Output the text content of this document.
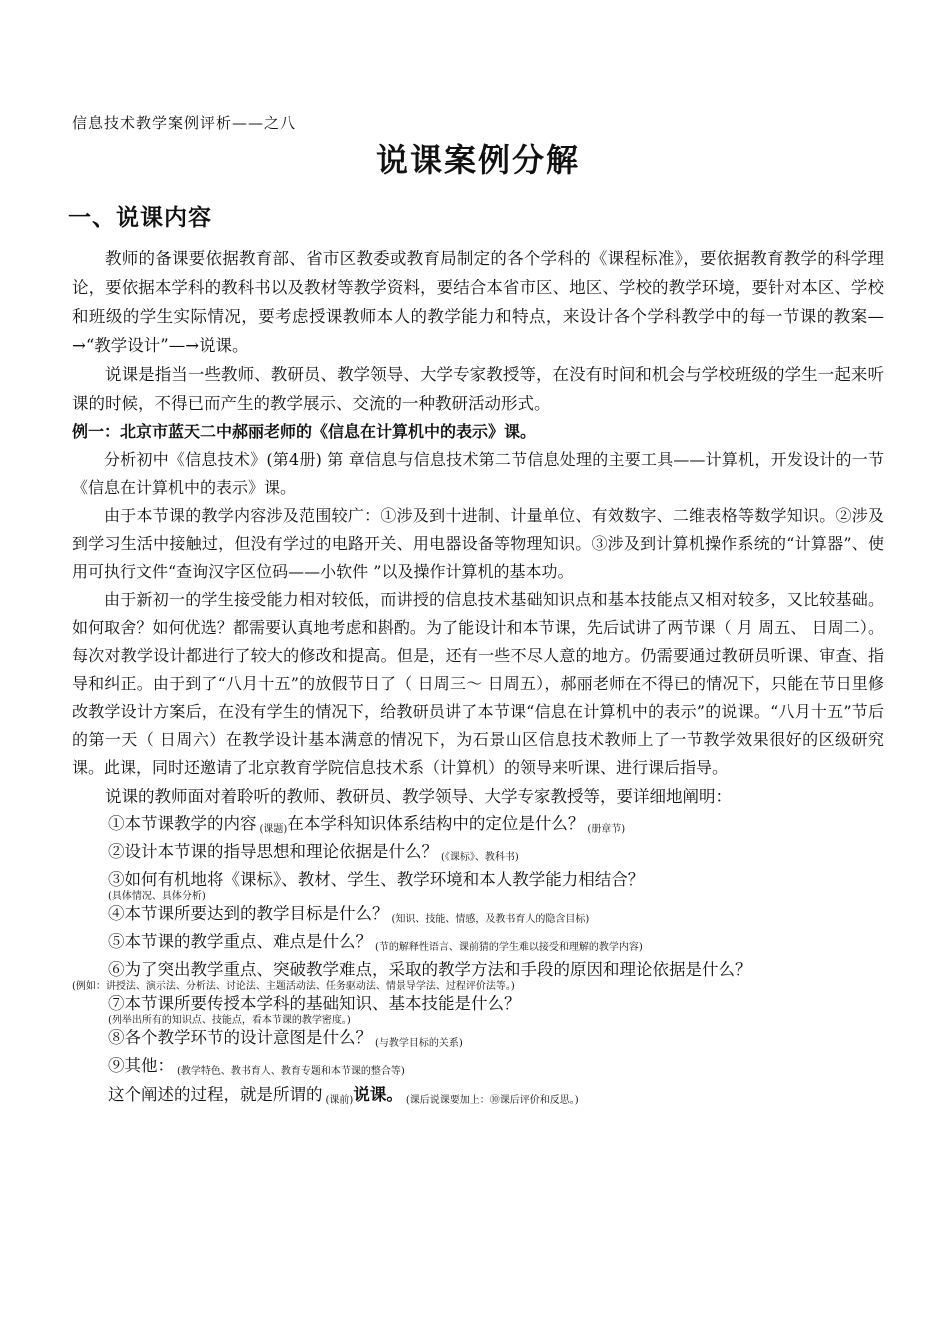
信息技术教学案例评析——之八
说课案例分解
一、说课内容

教师的备课要依据教育部、省市区教委或教育局制定的各个学科的《课程标准》，要依据教育教学的科学理论，要依据本学科的教科书以及教材等教学资料，要结合本省市区、地区、学校的教学环境，要针对本区、学校和班级的学生实际情况，要考虑授课教师本人的教学能力和特点，来设计各个学科教学中的每一节课的教案—→“教学设计”—→说课。

说课是指当一些教师、教研员、教学领导、大学专家教授等，在没有时间和机会与学校班级的学生一起来听课的时候，不得已而产生的教学展示、交流的一种教研活动形式。

例一：北京市蓝天二中郝丽老师的《信息在计算机中的表示》课。

分析初中《信息技术》(第4册) 第 章信息与信息技术第二节信息处理的主要工具——计算机，开发设计的一节《信息在计算机中的表示》课。

由于本节课的教学内容涉及范围较广：①涉及到十进制、计量单位、有效数字、二维表格等数学知识。②涉及到学习生活中接触过，但没有学过的电路开关、用电器设备等物理知识。③涉及到计算机操作系统的“计算器”、使用可执行文件“查询汉字区位码——小软件 ”以及操作计算机的基本功。

由于新初一的学生接受能力相对较低，而讲授的信息技术基础知识点和基本技能点又相对较多，又比较基础。如何取舍？如何优选？都需要认真地考虑和斟酌。为了能设计和本节课，先后试讲了两节课（ 月 周五、 日周二）。每次对教学设计都进行了较大的修改和提高。但是，还有一些不尽人意的地方。仍需要通过教研员听课、审查、指导和纠正。由于到了“八月十五”的放假节日了（ 日周三～ 日周五），郝丽老师在不得已的情况下，只能在节日里修改教学设计方案后，在没有学生的情况下，给教研员讲了本节课“信息在计算机中的表示”的说课。“八月十五”节后的第一天（ 日周六）在教学设计基本满意的情况下，为石景山区信息技术教师上了一节教学效果很好的区级研究课。此课，同时还邀请了北京教育学院信息技术系（计算机）的领导来听课、进行课后指导。

说课的教师面对着聆听的教师、教研员、教学领导、大学专家教授等，要详细地阐明：

①本节课教学的内容 (课题)在本学科知识体系结构中的定位是什么？ (册章节)
②设计本节课的指导思想和理论依据是什么？ (《课标》、教科书)
③如何有机地将《课标》、教材、学生、教学环境和本人教学能力相结合？
(具体情况、具体分析)
④本节课所要达到的教学目标是什么？ (知识、技能、情感，及教书育人的隐含目标)
⑤本节课的教学重点、难点是什么？ (节的解释性语言、课前猜的学生难以接受和理解的教学内容)
⑥为了突出教学重点、突破教学难点，采取的教学方法和手段的原因和理论依据是什么？
(例如：讲授法、演示法、分析法、讨论法、主题活动法、任务驱动法、情景导学法、过程评价法等。)
⑦本节课所要传授本学科的基础知识、基本技能是什么？
(列举出所有的知识点、技能点，看本节课的教学密度。)
⑧各个教学环节的设计意图是什么？ (与教学目标的关系)
⑨其他： (教学特色、教书育人、教育专题和本节课的整合等)
这个阐述的过程，就是所谓的 (课前)说课。 (课后说课要加上：⑩课后评价和反思。)
